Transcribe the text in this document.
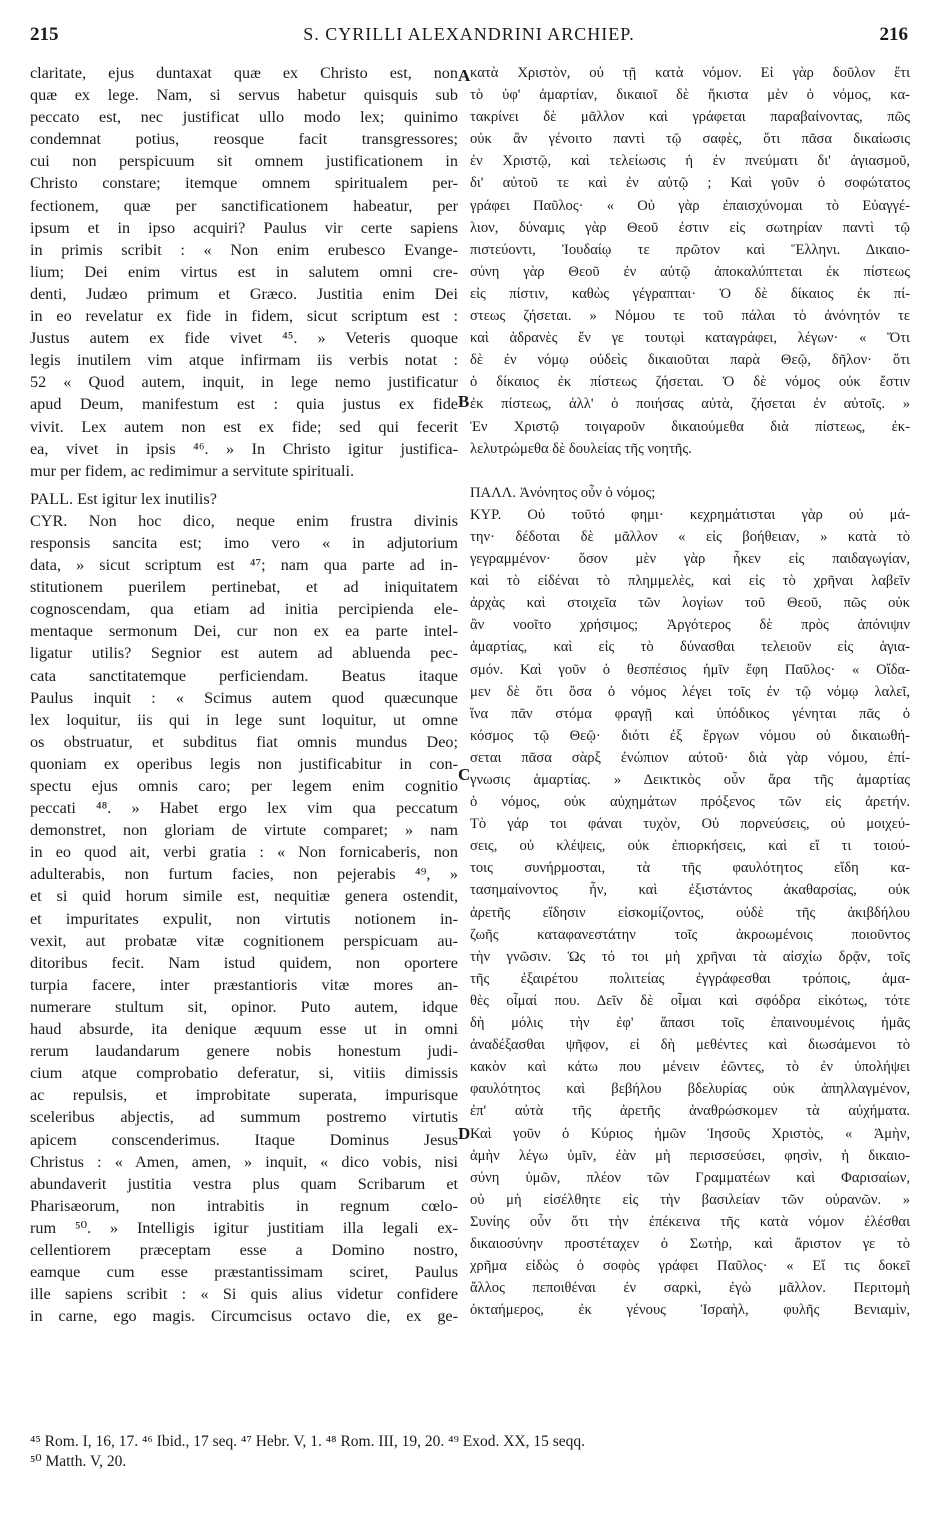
215	S. CYRILLI ALEXANDRINI ARCHIEP.	216
claritate, ejus duntaxat quæ ex Christo est, non
quæ ex lege. Nam, si servus habetur quisquis sub
peccato est, nec justificat ullo modo lex; quinimo
condemnat potius, reosque facit transgressores;
cui non perspicuum sit omnem justificationem in
Christo constare; itemque omnem spiritualem per-
fectionem, quæ per sanctificationem habeatur, per
ipsum et in ipso acquiri? Paulus vir certe sapiens
in primis scribit : « Non enim erubesco Evange-
lium; Dei enim virtus est in salutem omni cre-
denti, Judæo primum et Græco. Justitia enim Dei
in eo revelatur ex fide in fidem, sicut scriptum est :
Justus autem ex fide vivet ⁴⁵. » Veteris quoque
legis inutilem vim atque infirmam iis verbis notat :
52 « Quod autem, inquit, in lege nemo justificatur
apud Deum, manifestum est : quia justus ex fide
vivit. Lex autem non est ex fide; sed qui fecerit
ea, vivet in ipsis ⁴⁶. » In Christo igitur justifica-
mur per fidem, ac redimimur a servitute spirituali.
PALL. Est igitur lex inutilis?
CYR. Non hoc dico, neque enim frustra divinis
responsis sancita est; imo vero « in adjutorium
data, » sicut scriptum est ⁴⁷; nam qua parte ad in-
stitutionem puerilem pertinebat, et ad iniquitatem
cognoscendam, qua etiam ad initia percipienda ele-
mentaque sermonum Dei, cur non ex ea parte intel-
ligatur utilis? Segnior est autem ad abluenda pec-
cata sanctitatemque perficiendam. Beatus itaque
Paulus inquit : « Scimus autem quod quæcunque
lex loquitur, iis qui in lege sunt loquitur, ut omne
os obstruatur, et subditus fiat omnis mundus Deo;
quoniam ex operibus legis non justificabitur in con-
spectu ejus omnis caro; per legem enim cognitio
peccati ⁴⁸. » Habet ergo lex vim qua peccatum
demonstret, non gloriam de virtute comparet; » nam
in eo quod ait, verbi gratia : « Non fornicaberis, non
adulterabis, non furtum facies, non pejerabis ⁴⁹, »
et si quid horum simile est, nequitiæ genera ostendit,
et impuritates expulit, non virtutis notionem in-
vexit, aut probatæ vitæ cognitionem perspicuam au-
ditoribus fecit. Nam istud quidem, non oportere
turpia facere, inter præstantioris vitæ mores an-
numerare stultum sit, opinor. Puto autem, idque
haud absurde, ita denique æquum esse ut in omni
rerum laudandarum genere nobis honestum judi-
cium atque comprobatio deferatur, si, vitiis dimissis
ac repulsis, et improbitate superata, impurisque
sceleribus abjectis, ad summum postremo virtutis
apicem conscenderimus. Itaque Dominus Jesus
Christus : « Amen, amen, » inquit, « dico vobis, nisi
abundaverit justitia vestra plus quam Scribarum et
Pharisæorum, non intrabitis in regnum cœlo-
rum ⁵⁰. » Intelligis igitur justitiam illa legali ex-
cellentiorem præceptam esse a Domino nostro,
eamque cum esse præstantissimam sciret, Paulus
ille sapiens scribit : « Si quis alius videtur confidere
in carne, ego magis. Circumcisus octavo die, ex ge-
κατὰ Χριστὸν, οὐ τῇ κατὰ νόμον. Εἰ γὰρ δοῦλον ἔτι
τὸ ὑφ' ἁμαρτίαν, δικαιοῖ δὲ ἥκιστα μὲν ὁ νόμος, κα-
τακρίνει δὲ μᾶλλον καὶ γράφεται παραβαίνοντας, πῶς
οὐκ ἂν γένοιτο παντὶ τῷ σαφὲς, ὅτι πᾶσα δικαίωσις
ἐν Χριστῷ, καὶ τελείωσις ἡ ἐν πνεύματι δι' ἁγιασμοῦ,
δι' αὐτοῦ τε καὶ ἐν αὐτῷ ; Καὶ γοῦν ὁ σοφώτατος
γράφει Παῦλος· « Οὐ γὰρ ἐπαισχύνομαι τὸ Εὐαγγέ-
λιον, δύναμις γὰρ Θεοῦ ἐστιν εἰς σωτηρίαν παντὶ τῷ
πιστεύοντι, Ἰουδαίῳ τε πρῶτον καὶ Ἕλληνι. Δικαιο-
σύνη γὰρ Θεοῦ ἐν αὐτῷ ἀποκαλύπτεται ἐκ πίστεως
εἰς πίστιν, καθὼς γέγραπται· Ὁ δὲ δίκαιος ἐκ πί-
στεως ζήσεται. » Νόμου τε τοῦ πάλαι τὸ ἀνόνητόν τε
καὶ ἀδρανὲς ἔν γε τουτῳὶ καταγράφει, λέγων· « Ὅτι
δὲ ἐν νόμῳ οὐδεὶς δικαιοῦται παρὰ Θεῷ, δῆλον· ὅτι
ὁ δίκαιος ἐκ πίστεως ζήσεται. Ὁ δὲ νόμος οὐκ ἔστιν
ἐκ πίστεως, ἀλλ' ὁ ποιήσας αὐτὰ, ζήσεται ἐν αὐτοῖς. »
Ἐν Χριστῷ τοιγαροῦν δικαιούμεθα διὰ πίστεως, ἐκ-
λελυτρώμεθα δὲ δουλείας τῆς νοητῆς.
ΠΑΛΛ. Ἀνόνητος οὖν ὁ νόμος;
ΚΥΡ. Οὐ τοῦτό φημι· κεχρημάτισται γὰρ οὐ μά-
την· δέδοται δὲ μᾶλλον « εἰς βοήθειαν, » κατὰ τὸ
γεγραμμένον· ὅσον μὲν γὰρ ἧκεν εἰς παιδαγωγίαν,
καὶ τὸ εἰδέναι τὸ πλημμελὲς, καὶ εἰς τὸ χρῆναι λαβεῖν
ἀρχὰς καὶ στοιχεῖα τῶν λογίων τοῦ Θεοῦ, πῶς οὐκ
ἂν νοοῖτο χρήσιμος; Ἀργότερος δὲ πρὸς ἀπόνιψιν
ἁμαρτίας, καὶ εἰς τὸ δύνασθαι τελειοῦν εἰς ἁγια-
σμόν. Καὶ γοῦν ὁ θεσπέσιος ἡμῖν ἔφη Παῦλος· « Οἴδα-
μεν δὲ ὅτι ὅσα ὁ νόμος λέγει τοῖς ἐν τῷ νόμῳ λαλεῖ,
ἵνα πᾶν στόμα φραγῇ καὶ ὑπόδικος γένηται πᾶς ὁ
κόσμος τῷ Θεῷ· διότι ἐξ ἔργων νόμου οὐ δικαιωθή-
σεται πᾶσα σὰρξ ἐνώπιον αὐτοῦ· διὰ γὰρ νόμου, ἐπί-
γνωσις ἁμαρτίας. » Δεικτικὸς οὖν ἄρα τῆς ἁμαρτίας
ὁ νόμος, οὐκ αὐχημάτων πρόξενος τῶν εἰς ἀρετήν.
Τὸ γάρ τοι φάναι τυχὸν, Οὐ πορνεύσεις, οὐ μοιχεύ-
σεις, οὐ κλέψεις, οὐκ ἐπιορκήσεις, καὶ εἴ τι τοιού-
τοις συνήρμοσται, τὰ τῆς φαυλότητος εἴδη κα-
τασημαίνοντος ἦν, καὶ ἐξιστάντος ἀκαθαρσίας, οὐκ
ἀρετῆς εἴδησιν εἰσκομίζοντος, οὐδὲ τῆς ἀκιβδήλου
ζωῆς καταφανεστάτην τοῖς ἀκροωμένοις ποιοῦντος
τὴν γνῶσιν. Ὡς τό τοι μὴ χρῆναι τὰ αἰσχίω δρᾷν, τοῖς
τῆς ἐξαιρέτου πολιτείας ἐγγράφεσθαι τρόποις, ἀμα-
θὲς οἶμαί που. Δεῖν δὲ οἶμαι καὶ σφόδρα εἰκότως, τότε
δὴ μόλις τὴν ἐφ' ἅπασι τοῖς ἐπαινουμένοις ἡμᾶς
ἀναδέξασθαι ψῆφον, εἰ δὴ μεθέντες καὶ διωσάμενοι τὸ
κακὸν καὶ κάτω που μένειν ἐῶντες, τὸ ἐν ὑπολήψει
φαυλότητος καὶ βεβήλου βδελυρίας οὐκ ἀπηλλαγμένον,
ἐπ' αὐτὰ τῆς ἀρετῆς ἀναθρώσκομεν τὰ αὐχήματα.
Καὶ γοῦν ὁ Κύριος ἡμῶν Ἰησοῦς Χριστὸς, « Ἀμὴν,
ἀμὴν λέγω ὑμῖν, ἐὰν μὴ περισσεύσει, φησὶν, ἡ δικαιο-
σύνη ὑμῶν, πλέον τῶν Γραμματέων καὶ Φαρισαίων,
οὐ μὴ εἰσέλθητε εἰς τὴν βασιλείαν τῶν οὐρανῶν. »
Συνίης οὖν ὅτι τὴν ἐπέκεινα τῆς κατὰ νόμον ἐλέσθαι
δικαιοσύνην προστέταχεν ὁ Σωτὴρ, καὶ ἄριστον γε τὸ
χρῆμα εἰδὼς ὁ σοφὸς γράφει Παῦλος· « Εἴ τις δοκεῖ
ἄλλος πεποιθέναι ἐν σαρκὶ, ἐγὼ μᾶλλον. Περιτομὴ
ὀκταήμερος, ἐκ γένους Ἰσραὴλ, φυλῆς Βενιαμὶν,
A
B
C
D
⁴⁵ Rom. I, 16, 17. ⁴⁶ Ibid., 17 seq. ⁴⁷ Hebr. V, 1. ⁴⁸ Rom. III, 19, 20. ⁴⁹ Exod. XX, 15 seqq.
⁵⁰ Matth. V, 20.
